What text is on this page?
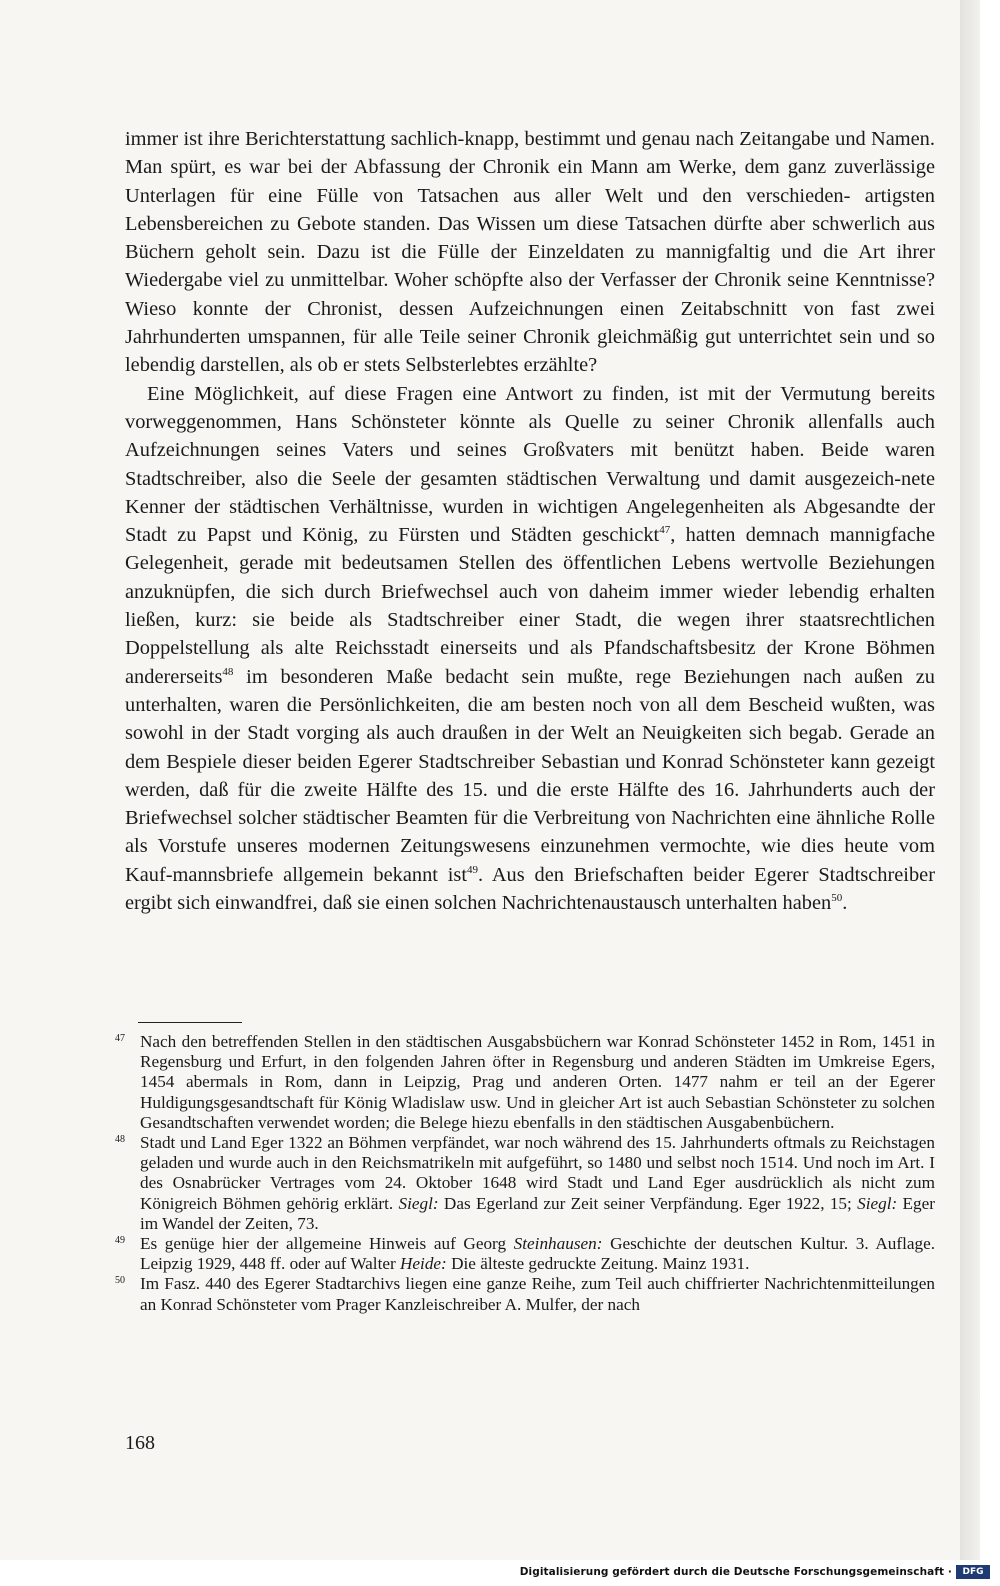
immer ist ihre Berichterstattung sachlich-knapp, bestimmt und genau nach Zeitangabe und Namen. Man spürt, es war bei der Abfassung der Chronik ein Mann am Werke, dem ganz zuverlässige Unterlagen für eine Fülle von Tatsachen aus aller Welt und den verschieden- artigsten Lebensbereichen zu Gebote standen. Das Wissen um diese Tatsachen dürfte aber schwerlich aus Büchern geholt sein. Dazu ist die Fülle der Einzeldaten zu mannigfaltig und die Art ihrer Wiedergabe viel zu unmittelbar. Woher schöpfte also der Verfasser der Chronik seine Kenntnisse? Wieso konnte der Chronist, dessen Aufzeichnungen einen Zeitabschnitt von fast zwei Jahrhunderten umspannen, für alle Teile seiner Chronik gleichmäßig gut unterrichtet sein und so lebendig darstellen, als ob er stets Selbsterlebtes erzählte?

Eine Möglichkeit, auf diese Fragen eine Antwort zu finden, ist mit der Vermutung bereits vorweggenommen, Hans Schönsteter könnte als Quelle zu seiner Chronik allenfalls auch Aufzeichnungen seines Vaters und seines Großvaters mit benützt haben. Beide waren Stadtschreiber, also die Seele der gesamten städtischen Verwaltung und damit ausgezeich-nete Kenner der städtischen Verhältnisse, wurden in wichtigen Angelegenheiten als Abgesandte der Stadt zu Papst und König, zu Fürsten und Städten geschickt$^{47}$, hatten demnach mannigfache Gelegenheit, gerade mit bedeutsamen Stellen des öffentlichen Lebens wertvolle Beziehungen anzuknüpfen, die sich durch Briefwechsel auch von daheim immer wieder lebendig erhalten ließen, kurz: sie beide als Stadtschreiber einer Stadt, die wegen ihrer staatsrechtlichen Doppelstellung als alte Reichsstadt einerseits und als Pfandschaftsbesitz der Krone Böhmen andererseits$^{48}$ im besonderen Maße bedacht sein mußte, rege Beziehungen nach außen zu unterhalten, waren die Persönlichkeiten, die am besten noch von all dem Bescheid wußten, was sowohl in der Stadt vorging als auch draußen in der Welt an Neuigkeiten sich begab. Gerade an dem Bespiele dieser beiden Egerer Stadtschreiber Sebastian und Konrad Schönsteter kann gezeigt werden, daß für die zweite Hälfte des 15. und die erste Hälfte des 16. Jahrhunderts auch der Briefwechsel solcher städtischer Beamten für die Verbreitung von Nachrichten eine ähnliche Rolle als Vorstufe unseres modernen Zeitungswesens einzunehmen vermochte, wie dies heute vom Kauf-mannsbriefe allgemein bekannt ist$^{49}$. Aus den Briefschaften beider Egerer Stadtschreiber ergibt sich einwandfrei, daß sie einen solchen Nachrichtenaustausch unterhalten haben$^{50}$.

47 Nach den betreffenden Stellen in den städtischen Ausgabsbüchern war Konrad Schönsteter 1452 in Rom, 1451 in Regensburg und Erfurt, in den folgenden Jahren öfter in Regensburg und anderen Städten im Umkreise Egers, 1454 abermals in Rom, dann in Leipzig, Prag und anderen Orten. 1477 nahm er teil an der Egerer Huldigungsgesandtschaft für König Wladislaw usw. Und in gleicher Art ist auch Sebastian Schönsteter zu solchen Gesandtschaften verwendet worden; die Belege hiezu ebenfalls in den städtischen Ausgabenbüchern.
48 Stadt und Land Eger 1322 an Böhmen verpfändet, war noch während des 15. Jahrhunderts oftmals zu Reichstagen geladen und wurde auch in den Reichsmatrikeln mit aufgeführt, so 1480 und selbst noch 1514. Und noch im Art. I des Osnabrücker Vertrages vom 24. Oktober 1648 wird Stadt und Land Eger ausdrücklich als nicht zum Königreich Böhmen gehörig erklärt. Siegl: Das Egerland zur Zeit seiner Verpfändung. Eger 1922, 15; Siegl: Eger im Wandel der Zeiten, 73.
49 Es genüge hier der allgemeine Hinweis auf Georg Steinhausen: Geschichte der deutschen Kultur. 3. Auflage. Leipzig 1929, 448 ff. oder auf Walter Heide: Die älteste gedruckte Zeitung. Mainz 1931.
50 Im Fasz. 440 des Egerer Stadtarchivs liegen eine ganze Reihe, zum Teil auch chiffrierter Nachrichtenmitteilungen an Konrad Schönsteter vom Prager Kanzleischreiber A. Mulfer, der nach
168
Digitalisierung gefördert durch die Deutsche Forschungsgemeinschaft ·	DFG
